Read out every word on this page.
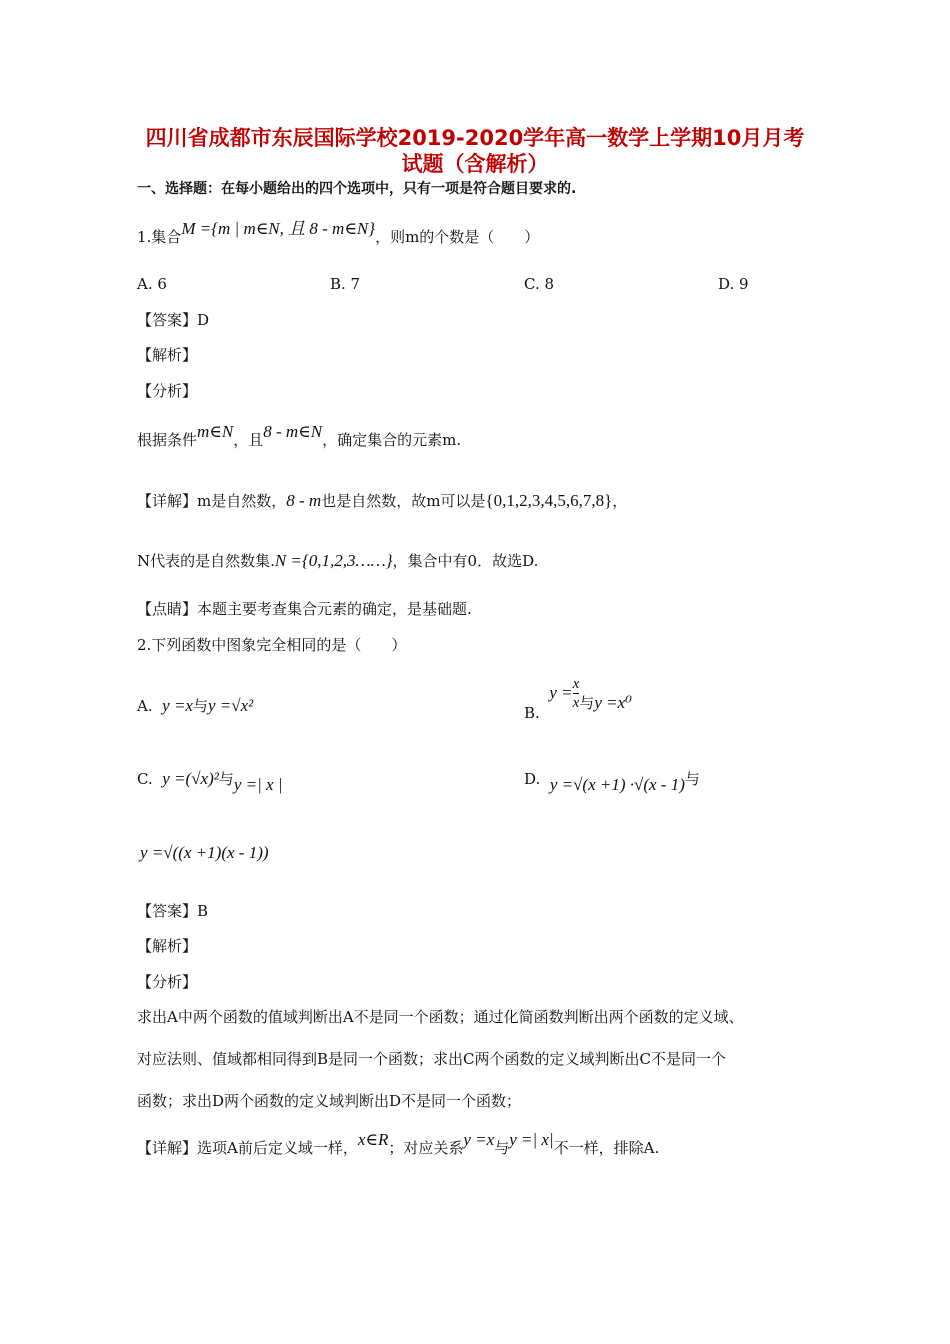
四川省成都市东辰国际学校2019-2020学年高一数学上学期10月月考
试题（含解析）
一、选择题：在每小题给出的四个选项中，只有一项是符合题目要求的.
1.集合M ={m | m∈N, 且 8 - m∈N}，则m的个数是（　　）
A. 6	B. 7	C. 8	D. 9
【答案】D
【解析】
【分析】
根据条件m∈N，且8 - m∈N，确定集合的元素m.
【详解】m是自然数，8 - m也是自然数，故m可以是{0,1,2,3,4,5,6,7,8}，
N代表的是自然数集.N ={0,1,2,3……}，集合中有0．故选D.
【点睛】本题主要考查集合元素的确定，是基础题.
2.下列函数中图象完全相同的是（　　）
A. y =x与y =√x²	B.  $y = \frac{x}{x}$ 与y =x⁰
C. y =(√x)²与y =| x |	D. y =√(x +1) ·√(x - 1)与
y =√((x +1)(x - 1))
【答案】B
【解析】
【分析】
求出A中两个函数的值域判断出A不是同一个函数；通过化简函数判断出两个函数的定义域、
对应法则、值域都相同得到B是同一个函数；求出C两个函数的定义域判断出C不是同一个
函数；求出D两个函数的定义域判断出D不是同一个函数；
【详解】选项A前后定义域一样，x∈R；对应关系y =x与y =| x|不一样，排除A.
